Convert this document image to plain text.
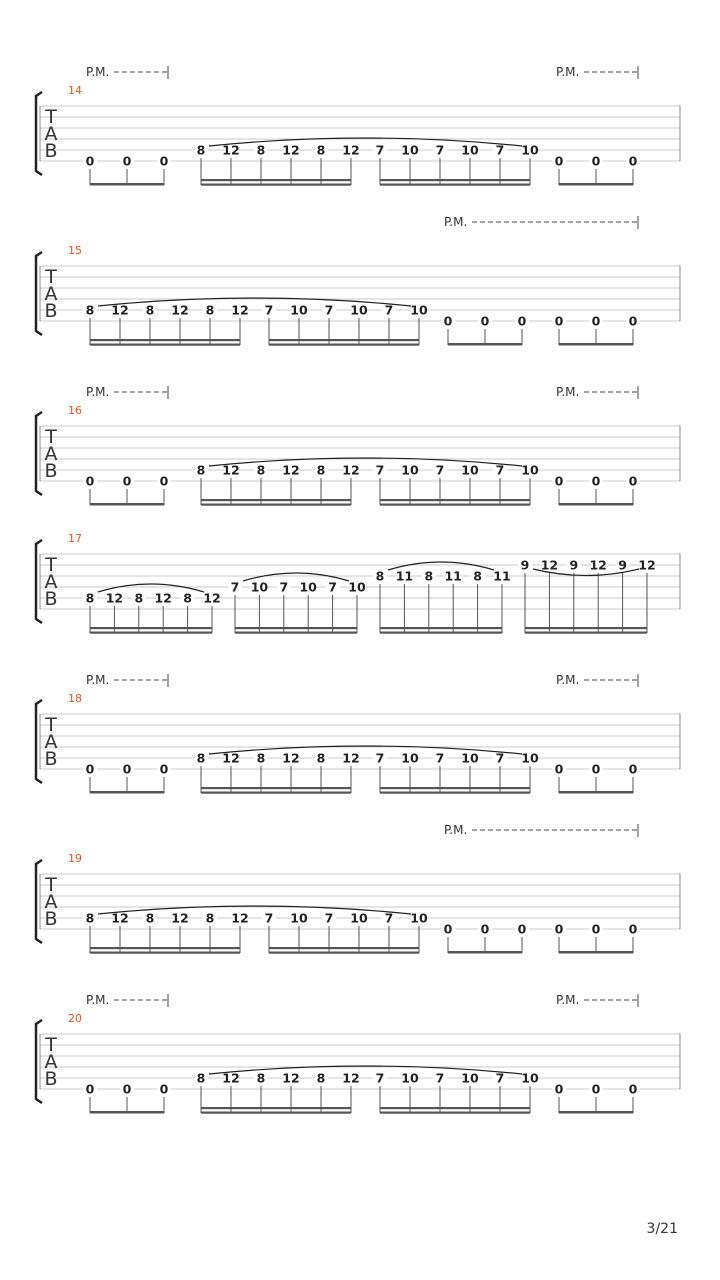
T
A
B
14
P.M.	P.M.
0 0 0
8 12 8 12 8 12 7 10 7 10 7 10
0 0 0
T
A
B
15
P.M.
8 12 8 12 8 12 7 10 7 10 7 10
0 0 0 0 0 0
T
A
B
16
P.M.	P.M.
0 0 0
8 12 8 12 8 12 7 10 7 10 7 10
0 0 0
T
A
B
17
8 12 8 12 8 12
7 10 7 10 7 10
8 11 8 11 8 11
9 12 9 12 9 12
T
A
B
18
P.M.	P.M.
0 0 0
8 12 8 12 8 12 7 10 7 10 7 10
0 0 0
T
A
B
19
P.M.
8 12 8 12 8 12 7 10 7 10 7 10
0 0 0 0 0 0
T
A
B
20
P.M.	P.M.
0 0 0
8 12 8 12 8 12 7 10 7 10 7 10
0 0 0
3/21
